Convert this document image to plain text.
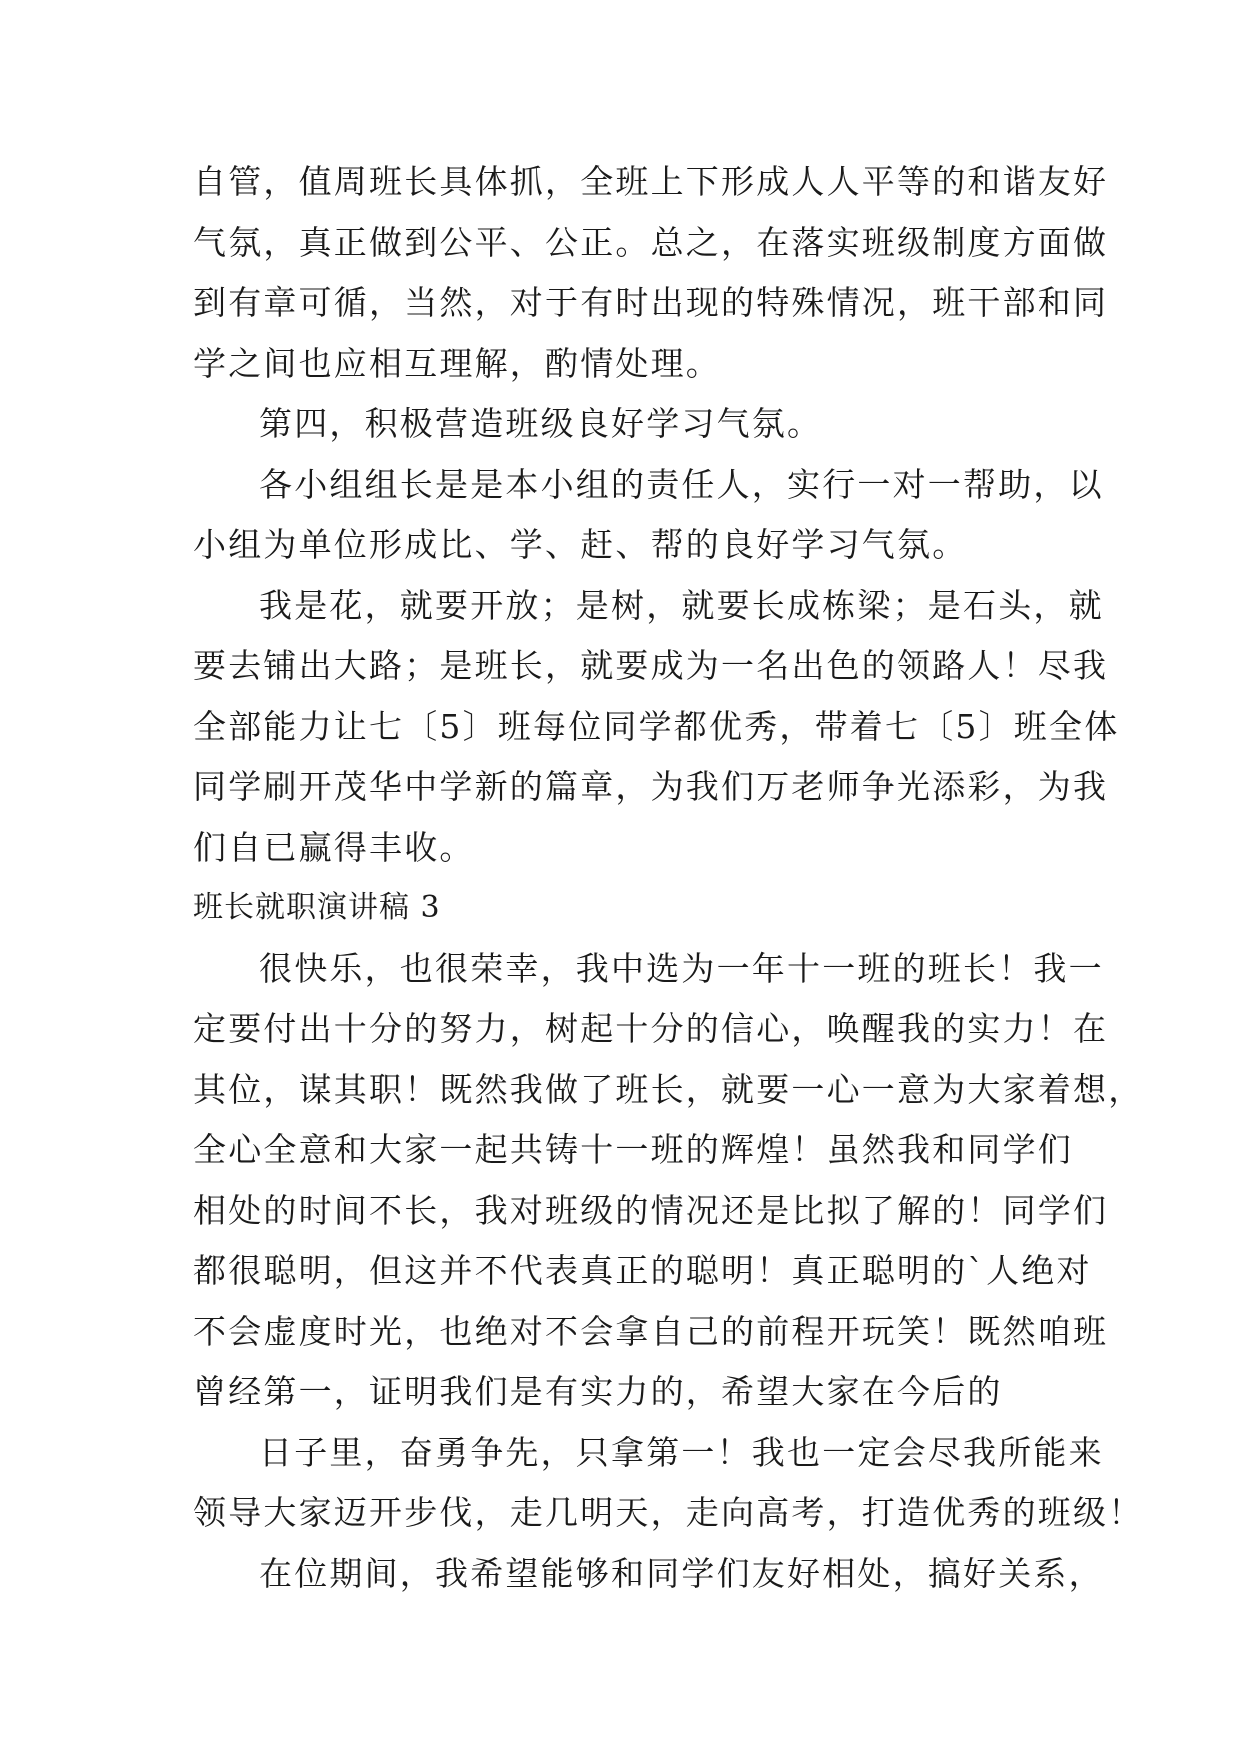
自管，值周班长具体抓，全班上下形成人人平等的和谐友好
气氛，真正做到公平、公正。总之，在落实班级制度方面做
到有章可循，当然，对于有时出现的特殊情况，班干部和同
学之间也应相互理解，酌情处理。
第四，积极营造班级良好学习气氛。
各小组组长是是本小组的责任人，实行一对一帮助，以
小组为单位形成比、学、赶、帮的良好学习气氛。
我是花，就要开放；是树，就要长成栋梁；是石头，就
要去铺出大路；是班长，就要成为一名出色的领路人！尽我
全部能力让七〔5〕班每位同学都优秀，带着七〔5〕班全体
同学刷开茂华中学新的篇章，为我们万老师争光添彩，为我
们自已赢得丰收。
班长就职演讲稿 3
很快乐，也很荣幸，我中选为一年十一班的班长！我一
定要付出十分的努力，树起十分的信心，唤醒我的实力！在
其位，谋其职！既然我做了班长，就要一心一意为大家着想，
全心全意和大家一起共铸十一班的辉煌！虽然我和同学们
相处的时间不长，我对班级的情况还是比拟了解的！同学们
都很聪明，但这并不代表真正的聪明！真正聪明的`人绝对
不会虚度时光，也绝对不会拿自己的前程开玩笑！既然咱班
曾经第一，证明我们是有实力的，希望大家在今后的
日子里，奋勇争先，只拿第一！我也一定会尽我所能来
领导大家迈开步伐，走几明天，走向高考，打造优秀的班级！
在位期间，我希望能够和同学们友好相处，搞好关系，
